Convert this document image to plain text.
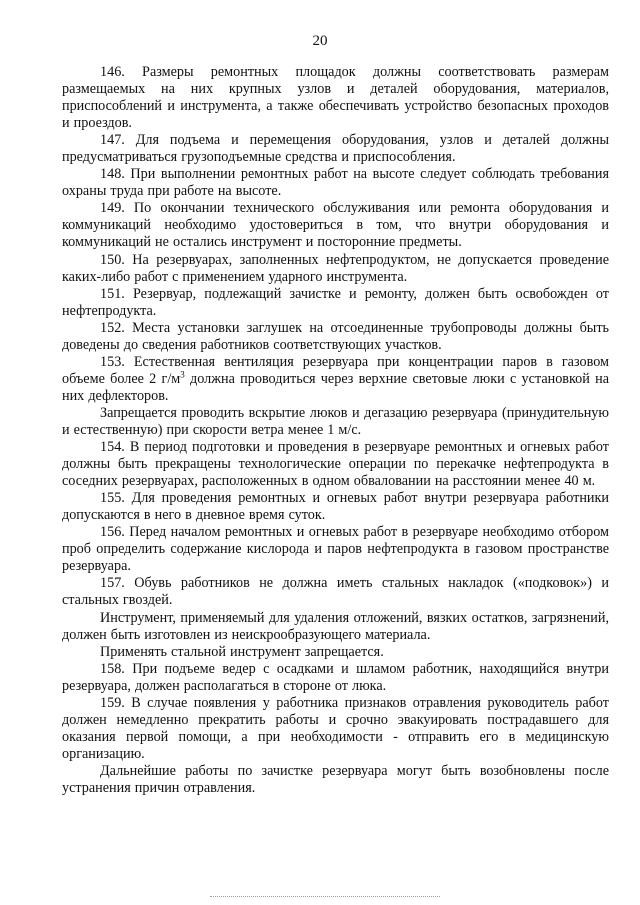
20

146. Размеры ремонтных площадок должны соответствовать размерам размещаемых на них крупных узлов и деталей оборудования, материалов, приспособлений и инструмента, а также обеспечивать устройство безопасных проходов и проездов.

147. Для подъема и перемещения оборудования, узлов и деталей должны предусматриваться грузоподъемные средства и приспособления.

148. При выполнении ремонтных работ на высоте следует соблюдать требования охраны труда при работе на высоте.

149. По окончании технического обслуживания или ремонта оборудования и коммуникаций необходимо удостовериться в том, что внутри оборудования и коммуникаций не остались инструмент и посторонние предметы.

150. На резервуарах, заполненных нефтепродуктом, не допускается проведение каких-либо работ с применением ударного инструмента.

151. Резервуар, подлежащий зачистке и ремонту, должен быть освобожден от нефтепродукта.

152. Места установки заглушек на отсоединенные трубопроводы должны быть доведены до сведения работников соответствующих участков.

153. Естественная вентиляция резервуара при концентрации паров в газовом объеме более 2 $г/м^3$ должна проводиться через верхние световые люки с установкой на них дефлекторов.

Запрещается проводить вскрытие люков и дегазацию резервуара (принудительную и естественную) при скорости ветра менее 1 м/с.

154. В период подготовки и проведения в резервуаре ремонтных и огневых работ должны быть прекращены технологические операции по перекачке нефтепродукта в соседних резервуарах, расположенных в одном обваловании на расстоянии менее 40 м.

155. Для проведения ремонтных и огневых работ внутри резервуара работники допускаются в него в дневное время суток.

156. Перед началом ремонтных и огневых работ в резервуаре необходимо отбором проб определить содержание кислорода и паров нефтепродукта в газовом пространстве резервуара.

157. Обувь работников не должна иметь стальных накладок («подковок») и стальных гвоздей.

Инструмент, применяемый для удаления отложений, вязких остатков, загрязнений, должен быть изготовлен из неискрообразующего материала.

Применять стальной инструмент запрещается.

158. При подъеме ведер с осадками и шламом работник, находящийся внутри резервуара, должен располагаться в стороне от люка.

159. В случае появления у работника признаков отравления руководитель работ должен немедленно прекратить работы и срочно эвакуировать пострадавшего для оказания первой помощи, а при необходимости - отправить его в медицинскую организацию.

Дальнейшие работы по зачистке резервуара могут быть возобновлены после устранения причин отравления.
